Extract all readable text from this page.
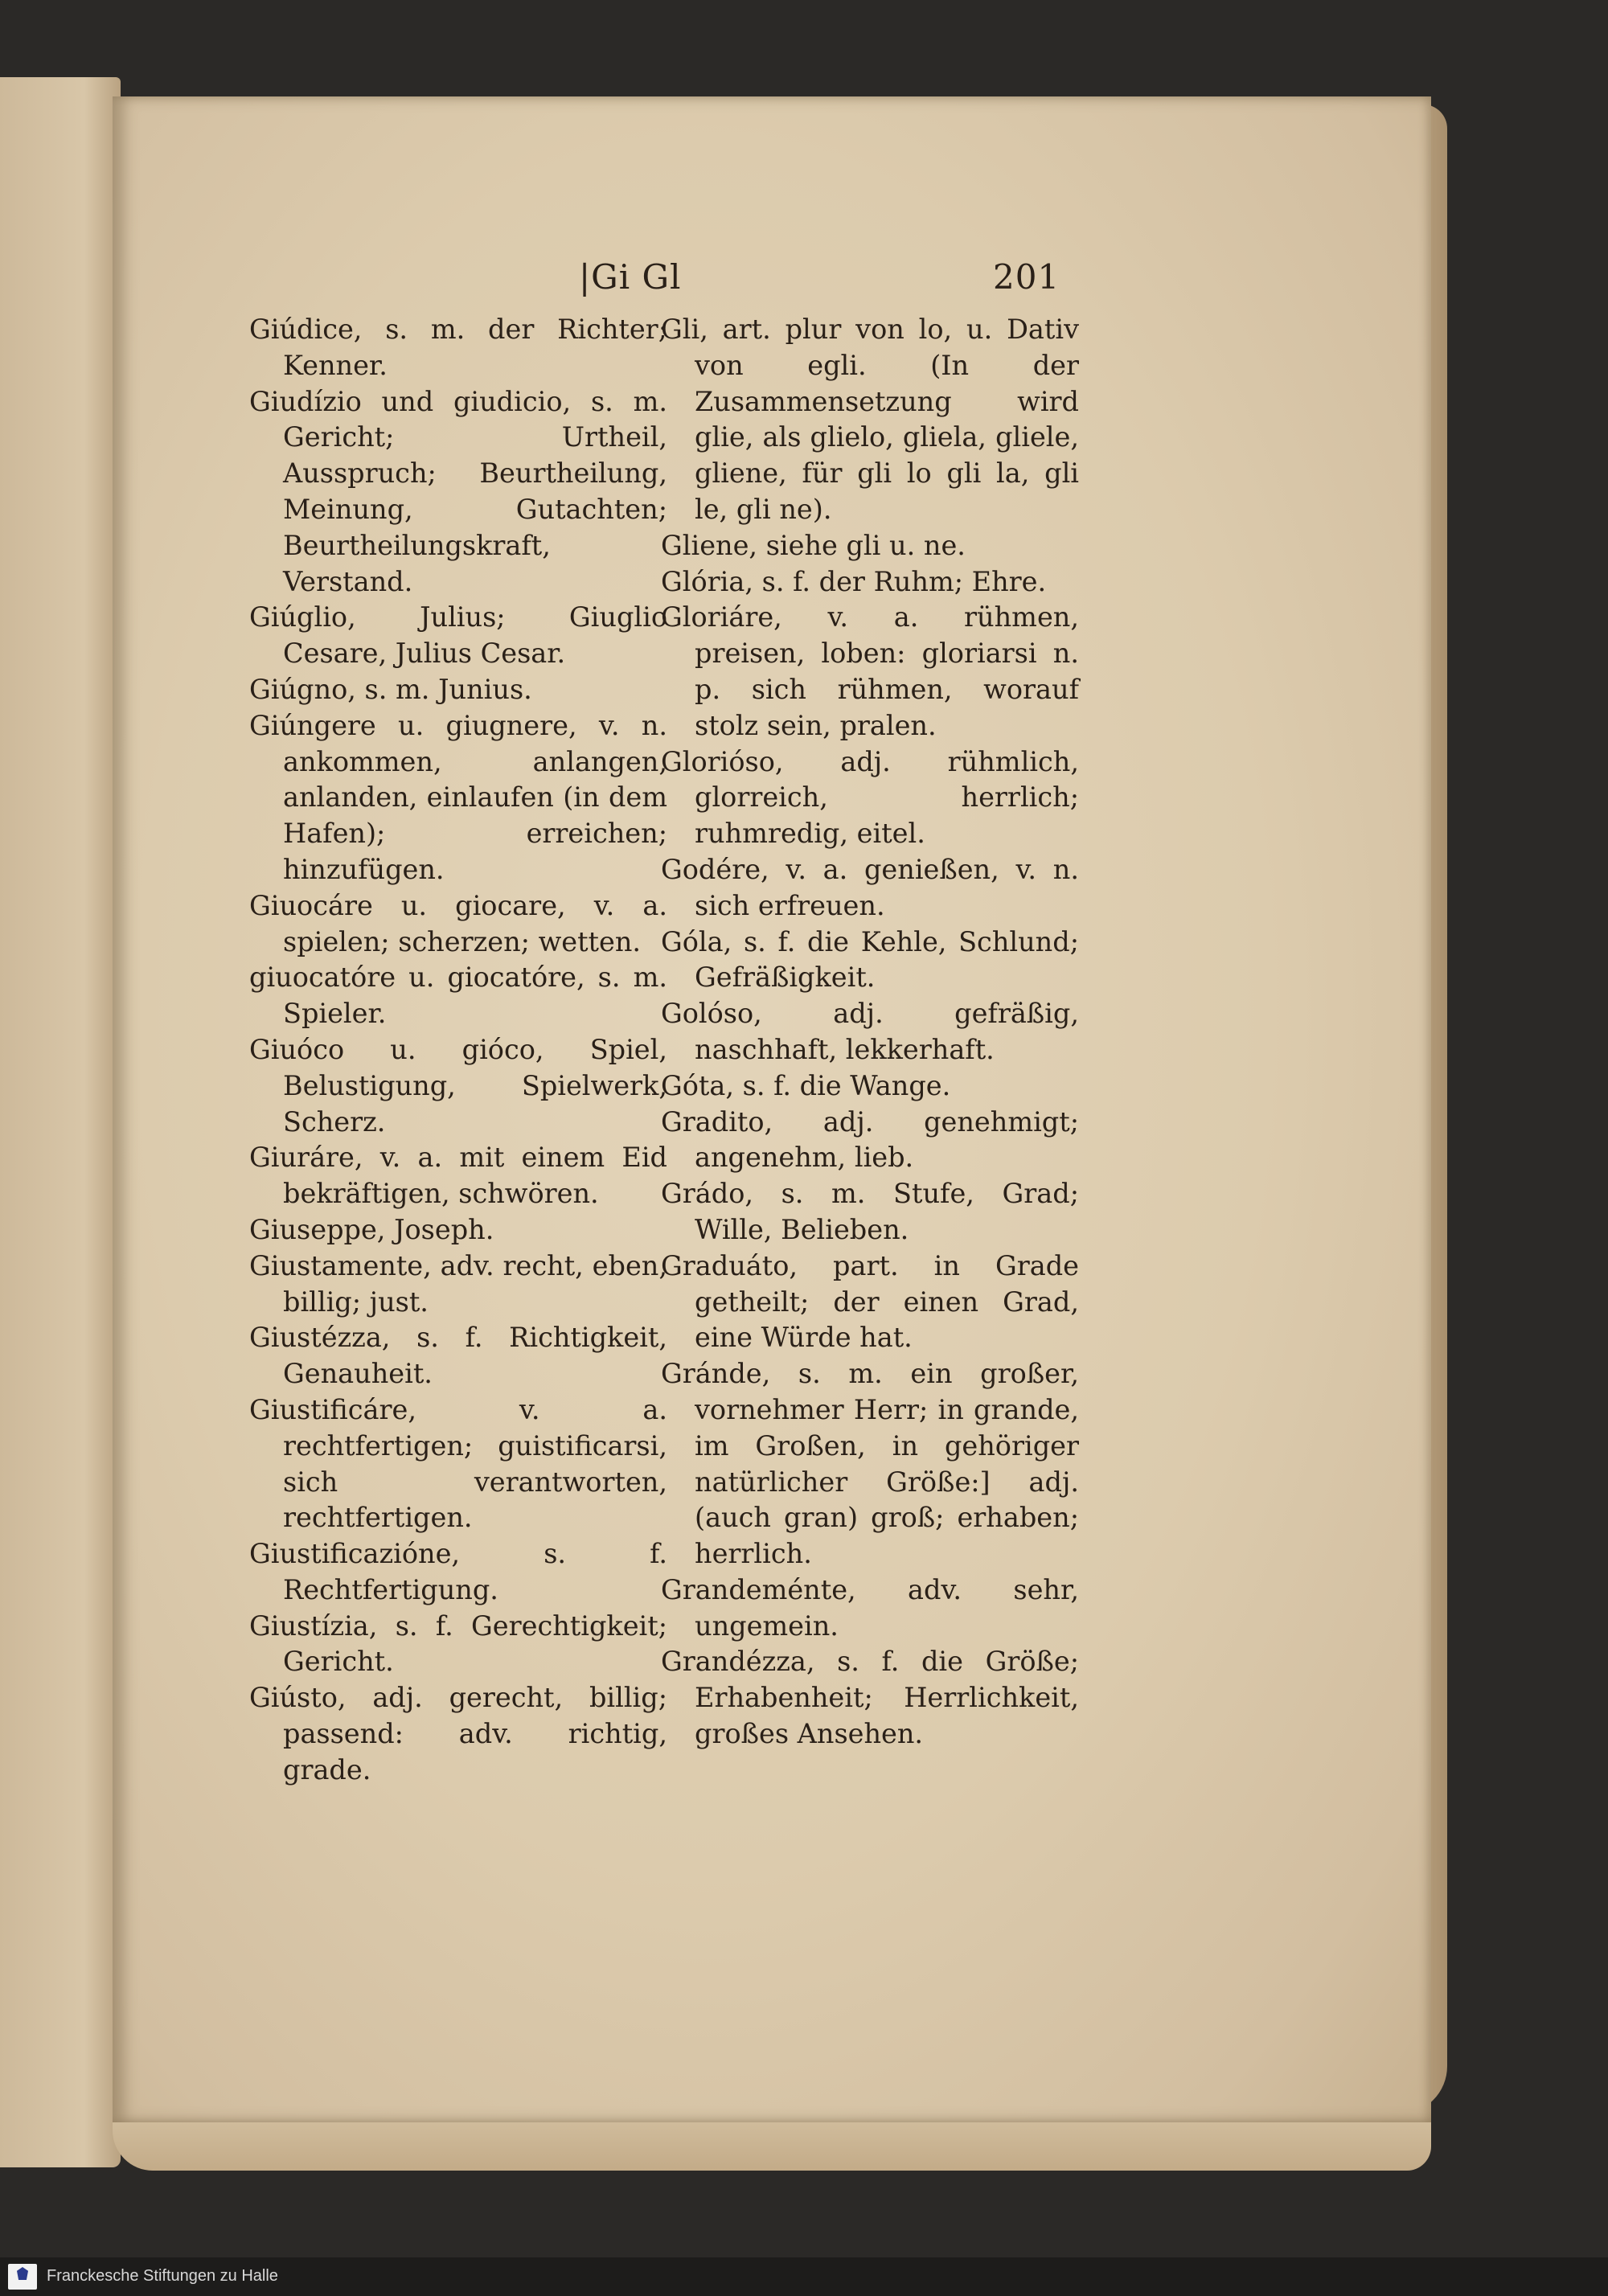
|Gi Gl	201

Giúdice, s. m. der Richter; Kenner.

Giudízio und giudicio, s. m. Gericht; Urtheil, Ausspruch; Beurtheilung, Meinung, Gutachten; Beurtheilungskraft, Verstand.

Giúglio, Julius; Giuglio Cesare, Julius Cesar.

Giúgno, s. m. Junius.

Giúngere u. giugnere, v. n. ankommen, anlangen, anlanden, einlaufen (in dem Hafen); erreichen; hinzufügen.

Giuocáre u. giocare, v. a. spielen; scherzen; wetten.

giuocatóre u. giocatóre, s. m. Spieler.

Giuóco u. gióco, Spiel, Belustigung, Spielwerk, Scherz.

Giuráre, v. a. mit einem Eid bekräftigen, schwören.

Giuseppe, Joseph.

Giustamente, adv. recht, eben, billig; just.

Giustézza, s. f. Richtigkeit, Genauheit.

Giustificáre, v. a. rechtfertigen; guistificarsi, sich verantworten, rechtfertigen.

Giustificazióne, s. f. Rechtfertigung.

Giustízia, s. f. Gerechtigkeit; Gericht.

Giústo, adj. gerecht, billig; passend: adv. richtig, grade.

Gli, art. plur von lo, u. Dativ von egli. (In der Zusammensetzung wird glie, als glielo, gliela, gliele, gliene, für gli lo gli la, gli le, gli ne).

Gliene, siehe gli u. ne.

Glória, s. f. der Ruhm; Ehre.

Gloriáre, v. a. rühmen, preisen, loben: gloriarsi n. p. sich rühmen, worauf stolz sein, pralen.

Glorióso, adj. rühmlich, glorreich, herrlich; ruhmredig, eitel.

Godére, v. a. genießen, v. n. sich erfreuen.

Góla, s. f. die Kehle, Schlund; Gefräßigkeit.

Golóso, adj. gefräßig, naschhaft, lekkerhaft.

Góta, s. f. die Wange.

Gradito, adj. genehmigt; angenehm, lieb.

Grádo, s. m. Stufe, Grad; Wille, Belieben.

Graduáto, part. in Grade getheilt; der einen Grad, eine Würde hat.

Gránde, s. m. ein großer, vornehmer Herr; in grande, im Großen, in gehöriger natürlicher Größe:] adj. (auch gran) groß; erhaben; herrlich.

Grandeménte, adv. sehr, ungemein.

Grandézza, s. f. die Größe; Erhabenheit; Herrlichkeit, großes Ansehen.

Franckesche Stiftungen zu Halle
